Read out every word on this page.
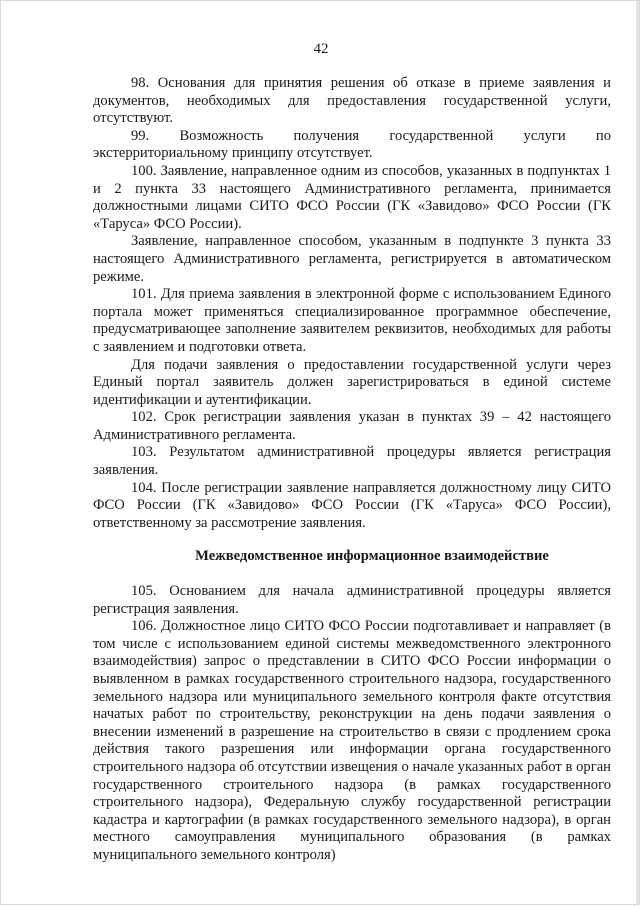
42

98. Основания для принятия решения об отказе в приеме заявления и документов, необходимых для предоставления государственной услуги, отсутствуют.

99. Возможность получения государственной услуги по экстерриториальному принципу отсутствует.

100. Заявление, направленное одним из способов, указанных в подпунктах 1 и 2 пункта 33 настоящего Административного регламента, принимается должностными лицами СИТО ФСО России (ГК «Завидово» ФСО России (ГК «Таруса» ФСО России).

Заявление, направленное способом, указанным в подпункте 3 пункта 33 настоящего Административного регламента, регистрируется в автоматическом режиме.

101. Для приема заявления в электронной форме с использованием Единого портала может применяться специализированное программное обеспечение, предусматривающее заполнение заявителем реквизитов, необходимых для работы с заявлением и подготовки ответа.

Для подачи заявления о предоставлении государственной услуги через Единый портал заявитель должен зарегистрироваться в единой системе идентификации и аутентификации.

102. Срок регистрации заявления указан в пунктах 39 – 42 настоящего Административного регламента.

103. Результатом административной процедуры является регистрация заявления.

104. После регистрации заявление направляется должностному лицу СИТО ФСО России (ГК «Завидово» ФСО России (ГК «Таруса» ФСО России), ответственному за рассмотрение заявления.

Межведомственное информационное взаимодействие

105. Основанием для начала административной процедуры является регистрация заявления.

106. Должностное лицо СИТО ФСО России подготавливает и направляет (в том числе с использованием единой системы межведомственного электронного взаимодействия) запрос о представлении в СИТО ФСО России информации о выявленном в рамках государственного строительного надзора, государственного земельного надзора или муниципального земельного контроля факте отсутствия начатых работ по строительству, реконструкции на день подачи заявления о внесении изменений в разрешение на строительство в связи с продлением срока действия такого разрешения или информации органа государственного строительного надзора об отсутствии извещения о начале указанных работ в орган государственного строительного надзора (в рамках государственного строительного надзора), Федеральную службу государственной регистрации кадастра и картографии (в рамках государственного земельного надзора), в орган местного самоуправления муниципального образования (в рамках муниципального земельного контроля)
